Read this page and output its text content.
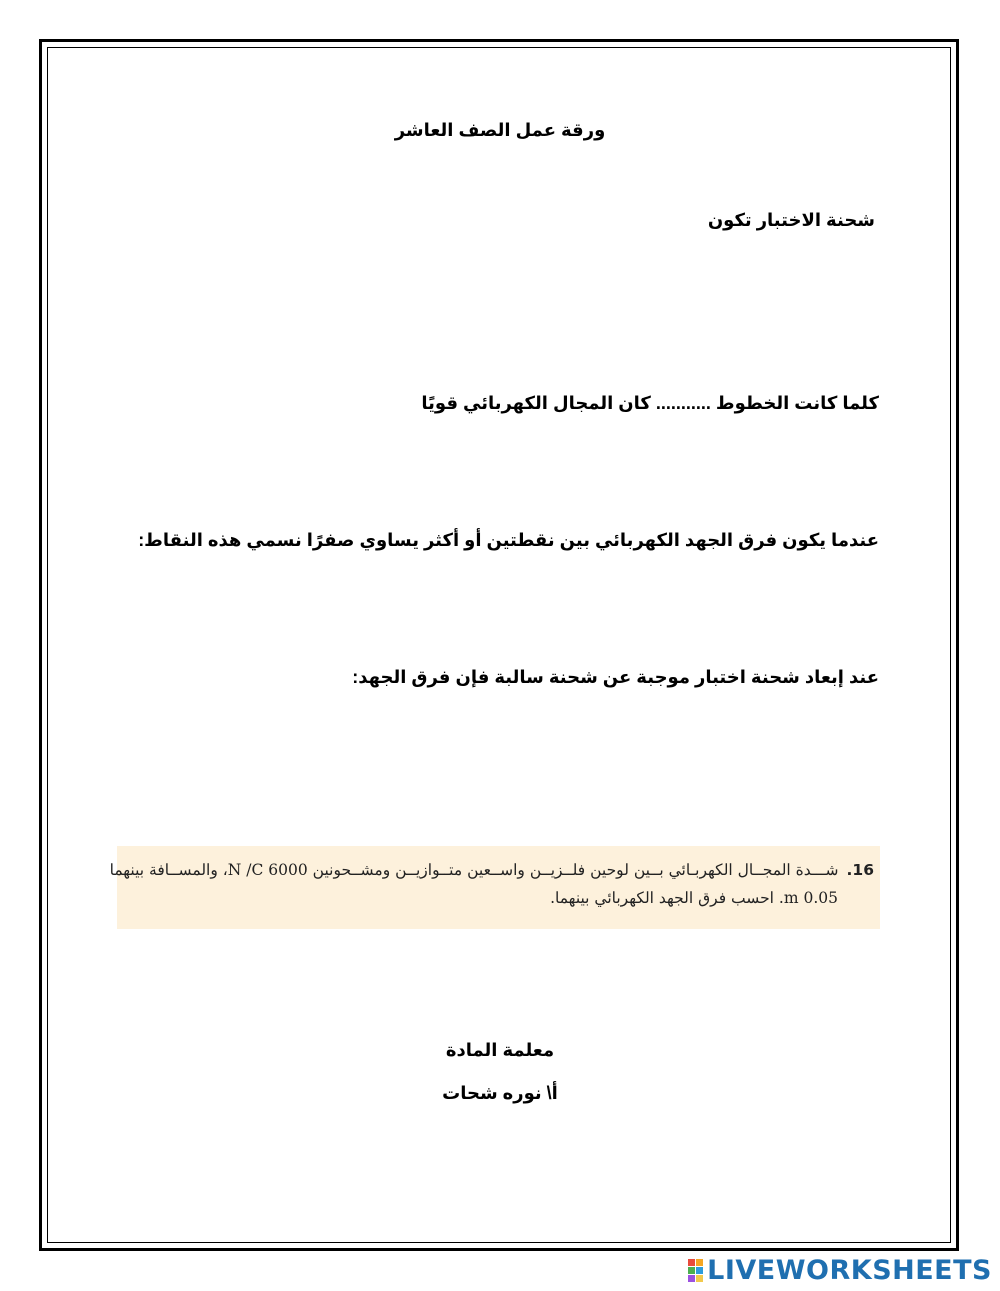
ورقة عمل الصف العاشر
شحنة الاختبار تكون
كلما كانت الخطوط ........... كان المجال الكهربائي قويًا
عندما يكون فرق الجهد الكهربائي بين نقطتين أو أكثر يساوي صفرًا نسمي هذه النقاط:
عند إبعاد شحنة اختبار موجبة عن شحنة سالبة فإن فرق الجهد:
16.شـــدة المجــال الكهربـائي بــين لوحين فلــزيــن واســعين متــوازيــن ومشــحونين 6000 N /C، والمســافة بينهما
0.05 m. احسب فرق الجهد الكهربائي بينهما.
معلمة المادة
أ\ نوره شحات
LIVEWORKSHEETS
